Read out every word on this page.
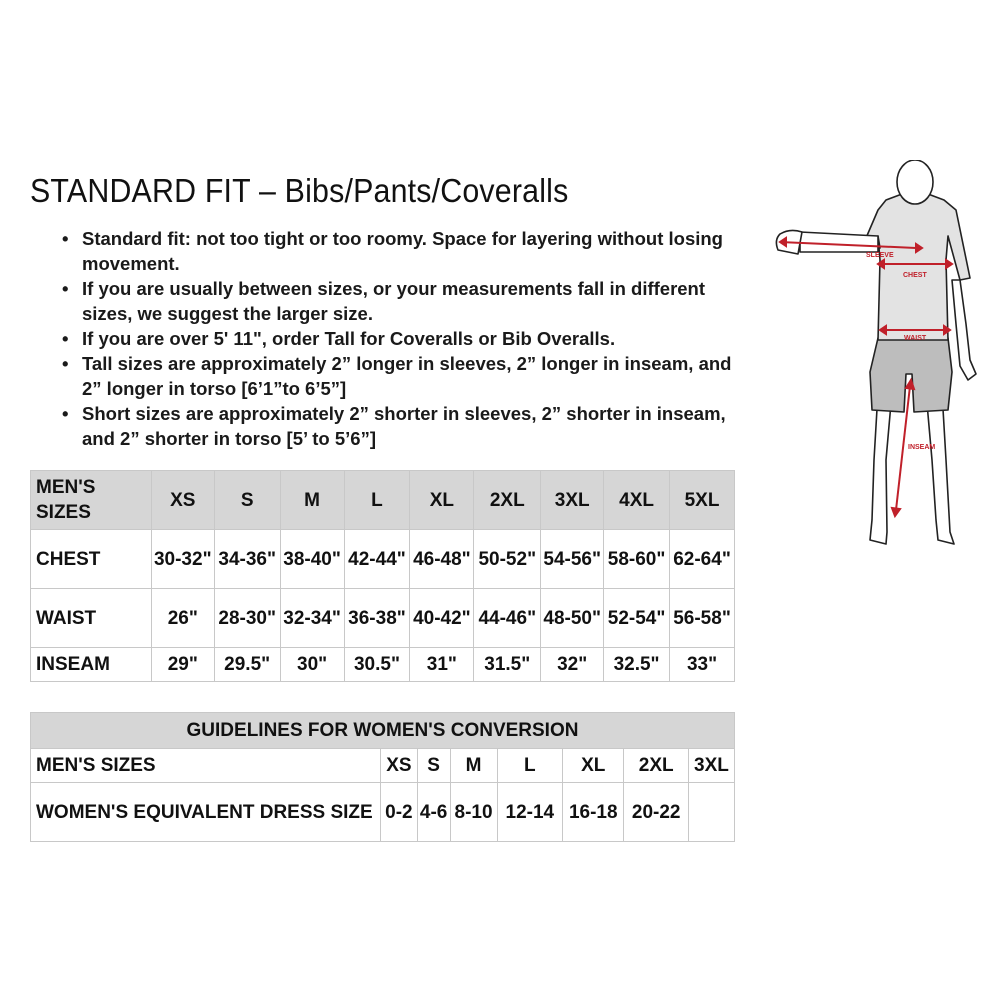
STANDARD FIT – Bibs/Pants/Coveralls
• Standard fit: not too tight or too roomy. Space for layering without losing movement.
• If you are usually between sizes, or your measurements fall in different sizes, we suggest the larger size.
• If you are over 5' 11", order Tall for Coveralls or Bib Overalls.
• Tall sizes are approximately 2” longer in sleeves, 2” longer in inseam, and 2” longer in torso [6’1”to 6’5”]
• Short sizes are approximately 2” shorter in sleeves, 2” shorter in inseam, and 2” shorter in torso [5’ to 5’6”]
MEN'S SIZES	XS	S	M	L	XL	2XL	3XL	4XL	5XL
CHEST	30-32"	34-36"	38-40"	42-44"	46-48"	50-52"	54-56"	58-60"	62-64"
WAIST	26"	28-30"	32-34"	36-38"	40-42"	44-46"	48-50"	52-54"	56-58"
INSEAM	29"	29.5"	30"	30.5"	31"	31.5"	32"	32.5"	33"
GUIDELINES FOR WOMEN'S CONVERSION							
MEN'S SIZES	XS	S	M	L	XL	2XL	3XL
WOMEN'S EQUIVALENT DRESS SIZE	0-2	4-6	8-10	12-14	16-18	20-22	
SLEEVE
CHEST
WAIST
INSEAM
